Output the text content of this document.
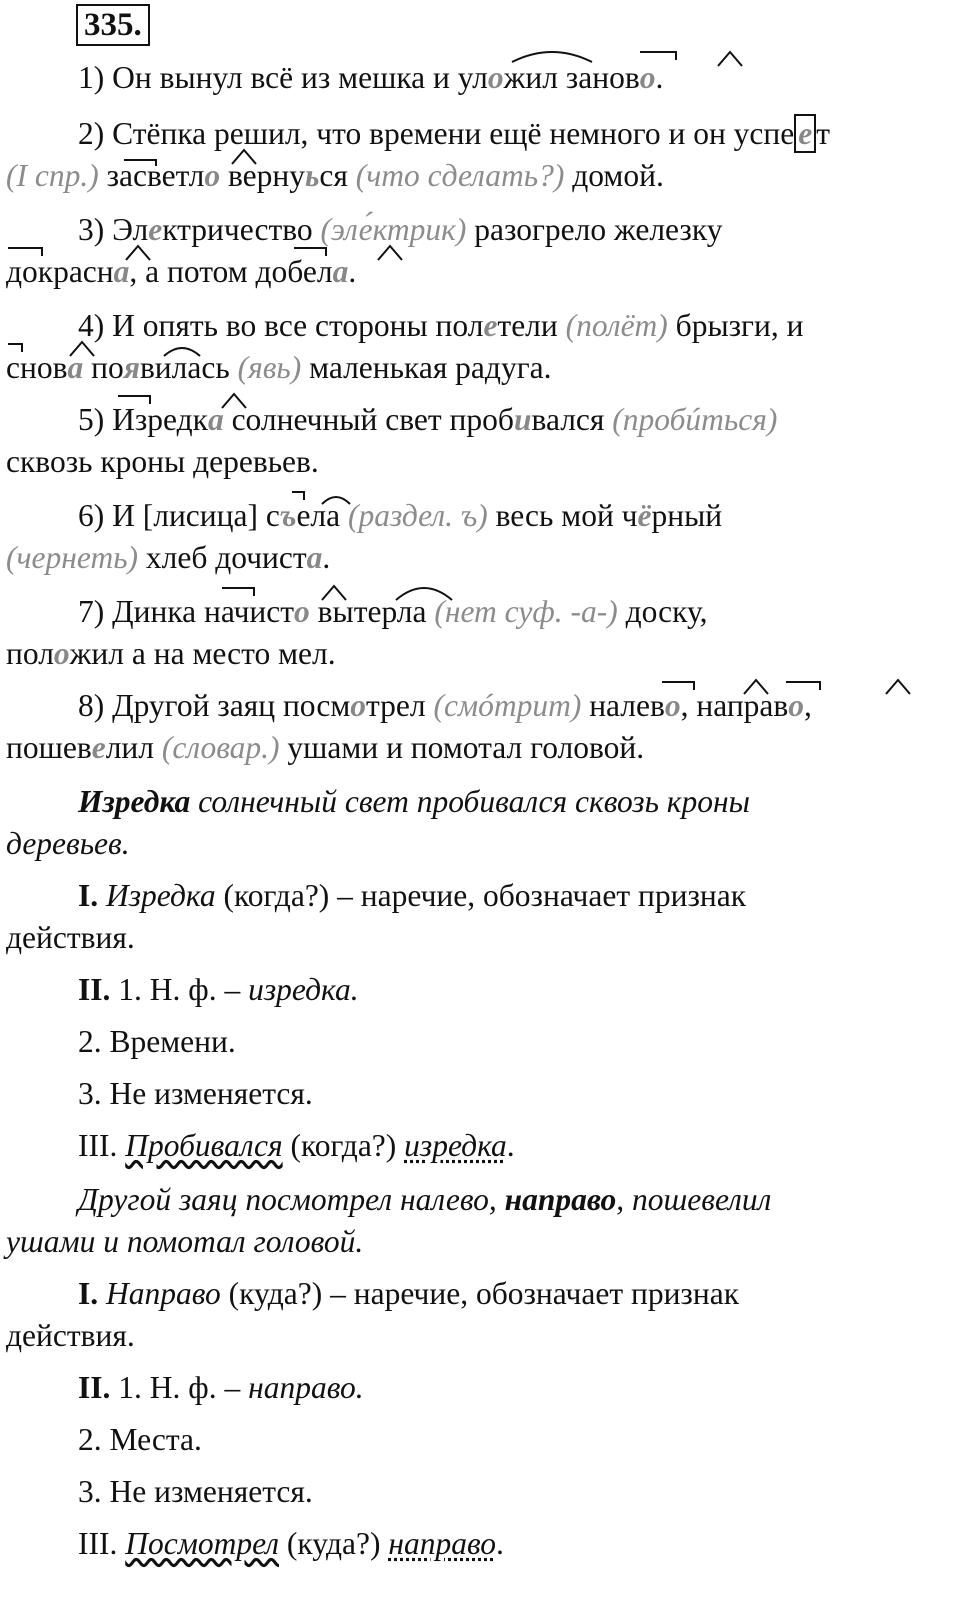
335.
1) Он вынул всё из мешка и уложил заново.
2) Стёпка решил, что времени ещё немного и он успе е т
(I спр.) засветло вернуься (что сделать?) домой.
3) Электричество (эле́ктрик) разогрело железку
докрасна, а потом добела.
4) И опять во все стороны полетели (полёт) брызги, и
снова появилась (явь) маленькая радуга.
5) Изредка солнечный свет пробивался (пробúться)
сквозь кроны деревьев.
6) И [лисица] съела (раздел. ъ) весь мой чёрный
(чернеть) хлеб дочиста.
7) Динка начисто вытерла (нет суф. -а-) доску,
положил а на место мел.
8) Другой заяц посмотрел (смóтрит) налево, направо,
пошевелил (словар.) ушами и помотал головой.
Изредка солнечный свет пробивался сквозь кроны
деревьев.
I. Изредка (когда?) – наречие, обозначает признак
действия.
II. 1. Н. ф. – изредка.
2. Времени.
3. Не изменяется.
III. Пробивался (когда?) изредка.
Другой заяц посмотрел налево, направо, пошевелил
ушами и помотал головой.
I. Направо (куда?) – наречие, обозначает признак
действия.
II. 1. Н. ф. – направо.
2. Места.
3. Не изменяется.
III. Посмотрел (куда?) направо.
